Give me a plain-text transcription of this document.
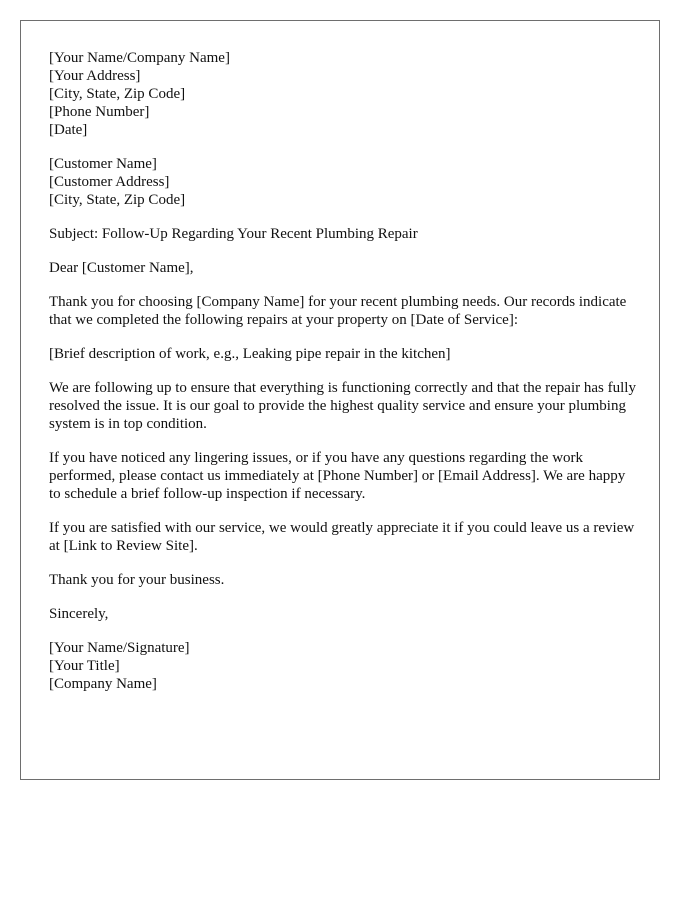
[Your Name/Company Name]
[Your Address]
[City, State, Zip Code]
[Phone Number]
[Date]
[Customer Name]
[Customer Address]
[City, State, Zip Code]

Subject: Follow-Up Regarding Your Recent Plumbing Repair

Dear [Customer Name],

Thank you for choosing [Company Name] for your recent plumbing needs. Our records indicate that we completed the following repairs at your property on [Date of Service]:

[Brief description of work, e.g., Leaking pipe repair in the kitchen]

We are following up to ensure that everything is functioning correctly and that the repair has fully resolved the issue. It is our goal to provide the highest quality service and ensure your plumbing system is in top condition.

If you have noticed any lingering issues, or if you have any questions regarding the work performed, please contact us immediately at [Phone Number] or [Email Address]. We are happy to schedule a brief follow-up inspection if necessary.

If you are satisfied with our service, we would greatly appreciate it if you could leave us a review at [Link to Review Site].

Thank you for your business.

Sincerely,

[Your Name/Signature]
[Your Title]
[Company Name]
